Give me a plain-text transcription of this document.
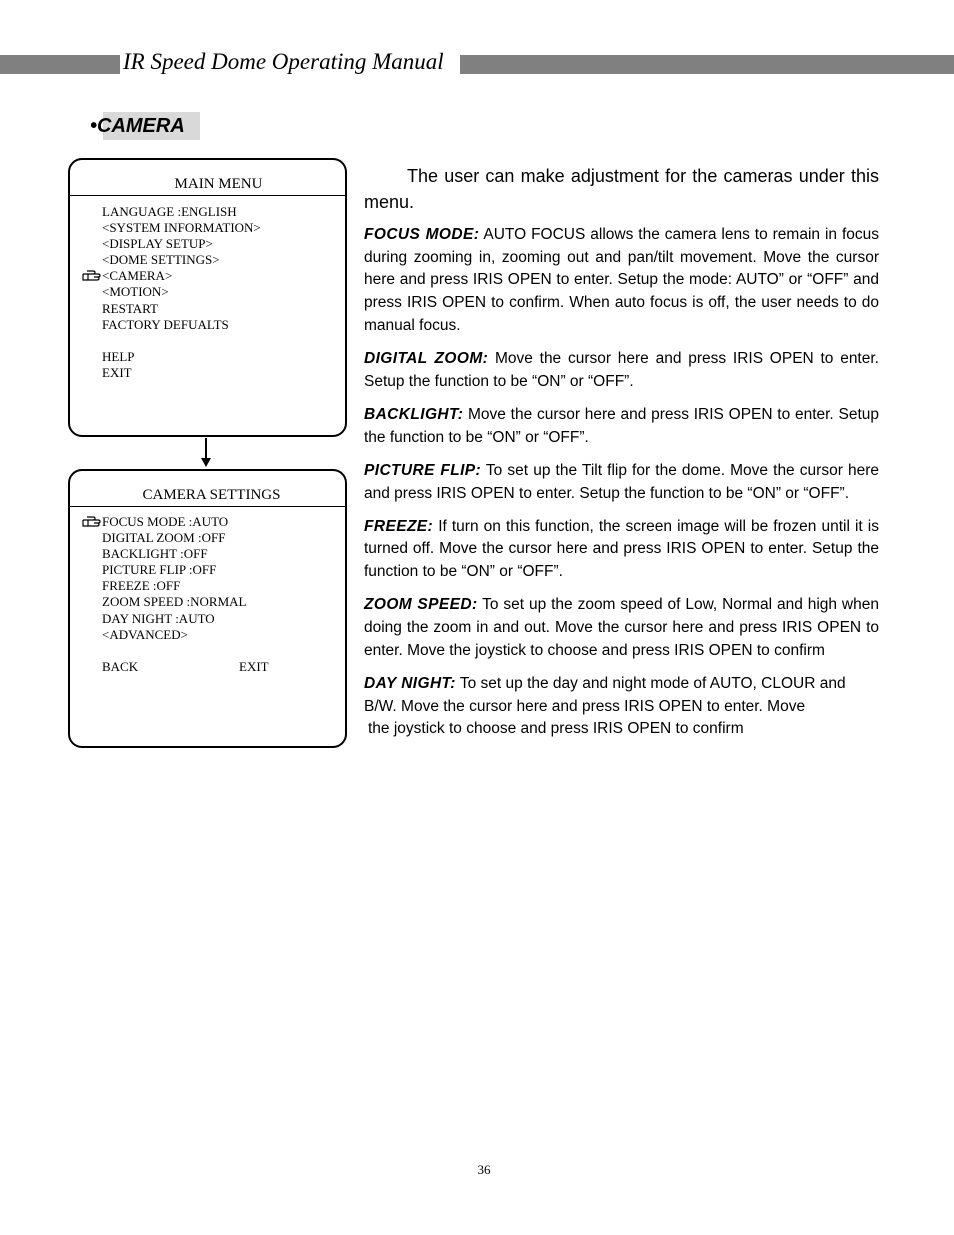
IR Speed Dome Operating Manual
•CAMERA
MAIN MENU
LANGUAGE :ENGLISH
<SYSTEM INFORMATION>
<DISPLAY SETUP>
<DOME SETTINGS>
<CAMERA>
<MOTION>
RESTART
FACTORY DEFUALTS
HELP
EXIT
CAMERA SETTINGS
FOCUS MODE :AUTO
DIGITAL ZOOM :OFF
BACKLIGHT :OFF
PICTURE FLIP :OFF
FREEZE :OFF
ZOOM SPEED :NORMAL
DAY NIGHT :AUTO
<ADVANCED>
BACK	EXIT

The user can make adjustment for the cameras under this menu.

FOCUS MODE: AUTO FOCUS allows the camera lens to remain in focus during zooming in, zooming out and pan/tilt movement. Move the cursor here and press IRIS OPEN to enter. Setup the mode: AUTO” or “OFF” and press IRIS OPEN to confirm. When auto focus is off, the user needs to do manual focus.

DIGITAL ZOOM: Move the cursor here and press IRIS OPEN to enter. Setup the function to be “ON” or “OFF”.

BACKLIGHT: Move the cursor here and press IRIS OPEN to enter. Setup the function to be “ON” or “OFF”.

PICTURE FLIP: To set up the Tilt flip for the dome. Move the cursor here and press IRIS OPEN to enter. Setup the function to be “ON” or “OFF”.

FREEZE: If turn on this function, the screen image will be frozen until it is turned off. Move the cursor here and press IRIS OPEN to enter. Setup the function to be “ON” or “OFF”.

ZOOM SPEED: To set up the zoom speed of Low, Normal and high when doing the zoom in and out. Move the cursor here and press IRIS OPEN to enter. Move the joystick to choose and press IRIS OPEN to confirm

DAY NIGHT: To set up the day and night mode of AUTO, CLOUR and B/W. Move the cursor here and press IRIS OPEN to enter. Move
the joystick to choose and press IRIS OPEN to confirm

36
